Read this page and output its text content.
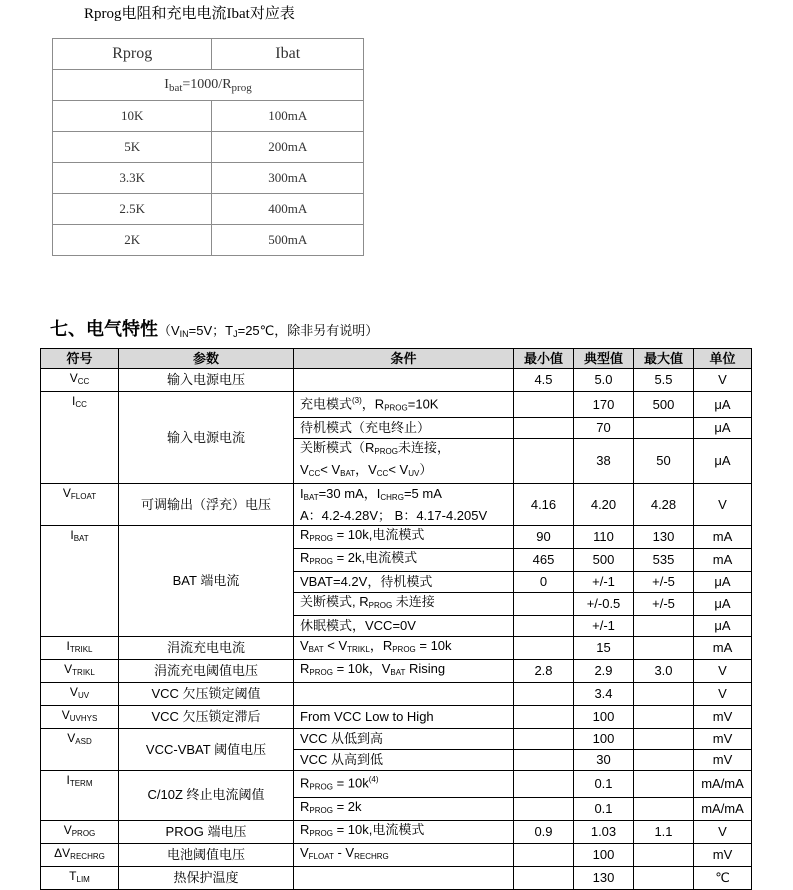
Rprog电阻和充电电流Ibat对应表
Rprog	Ibat
$I_{bat}=1000/R_{prog}$
10K	100mA
5K	200mA
3.3K	300mA
2.5K	400mA
2K	500mA
七、电气特性（$V_{IN}=5V$；$T_J=25℃$，除非另有说明）
符号	参数	条件	最小值	典型值	最大值	单位
$V_{CC}$	输入电源电压		4.5	5.0	5.5	V
$I_{CC}$	输入电源电流	充电模式$^{(3)}$，$R_{PROG}=10K$		170	500	μA
		待机模式（充电终止）		70		μA
		关断模式（$R_{PROG}$未连接，
$V_{CC}< V_{BAT}$，$V_{CC}< V_{UV}$）		38	50	μA
$V_{FLOAT}$	可调输出（浮充）电压	$I_{BAT}=30$ mA，$I_{CHRG}=5$ mA
A：4.2-4.28V； B：4.17-4.205V	4.16	4.20	4.28	V
$I_{BAT}$	BAT 端电流	$R_{PROG} = 10k$,电流模式	90	110	130	mA
		$R_{PROG} = 2k$,电流模式	465	500	535	mA
		VBAT=4.2V，待机模式	0	+/-1	+/-5	μA
		关断模式, $R_{PROG}$ 未连接		+/-0.5	+/-5	μA
		休眠模式，VCC=0V		+/-1		μA
$I_{TRIKL}$	涓流充电电流	$V_{BAT} < V_{TRIKL}$，$R_{PROG} = 10k$		15		mA
$V_{TRIKL}$	涓流充电阈值电压	$R_{PROG} = 10k$，$V_{BAT}$ Rising	2.8	2.9	3.0	V
$V_{UV}$	VCC 欠压锁定阈值			3.4		V
$V_{UVHYS}$	VCC 欠压锁定滞后	From VCC Low to High		100		mV
$V_{ASD}$	VCC-VBAT 阈值电压	VCC 从低到高		100		mV
		VCC 从高到低		30		mV
$I_{TERM}$	C/10Z 终止电流阈值	$R_{PROG} = 10k^{(4)}$		0.1		mA/mA
		$R_{PROG} = 2k$		0.1		mA/mA
$V_{PROG}$	PROG 端电压	$R_{PROG} = 10k$,电流模式	0.9	1.03	1.1	V
$\Delta V_{RECHRG}$	电池阈值电压	$V_{FLOAT} - V_{RECHRG}$		100		mV
$T_{LIM}$	热保护温度			130		℃
